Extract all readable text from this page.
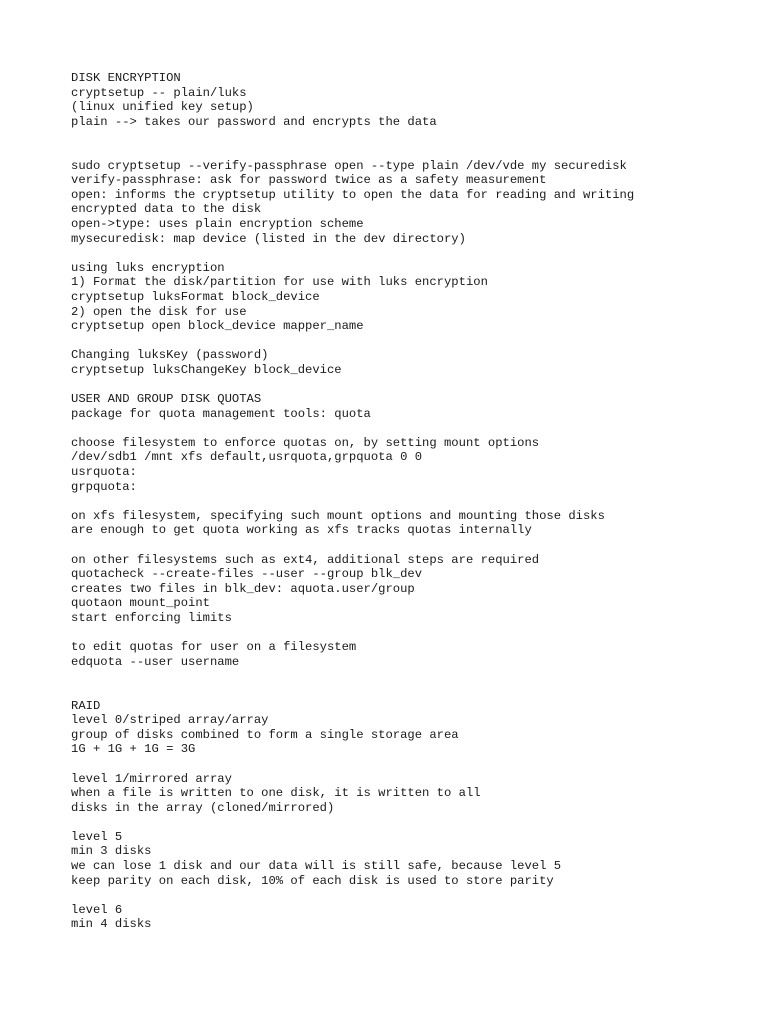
DISK ENCRYPTION
cryptsetup -- plain/luks
(linux unified key setup)
plain --> takes our password and encrypts the data
sudo cryptsetup --verify-passphrase open --type plain /dev/vde my securedisk
verify-passphrase: ask for password twice as a safety measurement
open: informs the cryptsetup utility to open the data for reading and writing
encrypted data to the disk
open->type: uses plain encryption scheme
mysecuredisk: map device (listed in the dev directory)
using luks encryption
1) Format the disk/partition for use with luks encryption
cryptsetup luksFormat block_device
2) open the disk for use
cryptsetup open block_device mapper_name
Changing luksKey (password)
cryptsetup luksChangeKey block_device
USER AND GROUP DISK QUOTAS
package for quota management tools: quota
choose filesystem to enforce quotas on, by setting mount options
/dev/sdb1 /mnt xfs default,usrquota,grpquota 0 0
usrquota:
grpquota:
on xfs filesystem, specifying such mount options and mounting those disks
are enough to get quota working as xfs tracks quotas internally
on other filesystems such as ext4, additional steps are required
quotacheck --create-files --user --group blk_dev
creates two files in blk_dev: aquota.user/group
quotaon mount_point
start enforcing limits
to edit quotas for user on a filesystem
edquota --user username
RAID
level 0/striped array/array
group of disks combined to form a single storage area
1G + 1G + 1G = 3G
level 1/mirrored array
when a file is written to one disk, it is written to all
disks in the array (cloned/mirrored)
level 5
min 3 disks
we can lose 1 disk and our data will is still safe, because level 5
keep parity on each disk, 10% of each disk is used to store parity
level 6
min 4 disks
